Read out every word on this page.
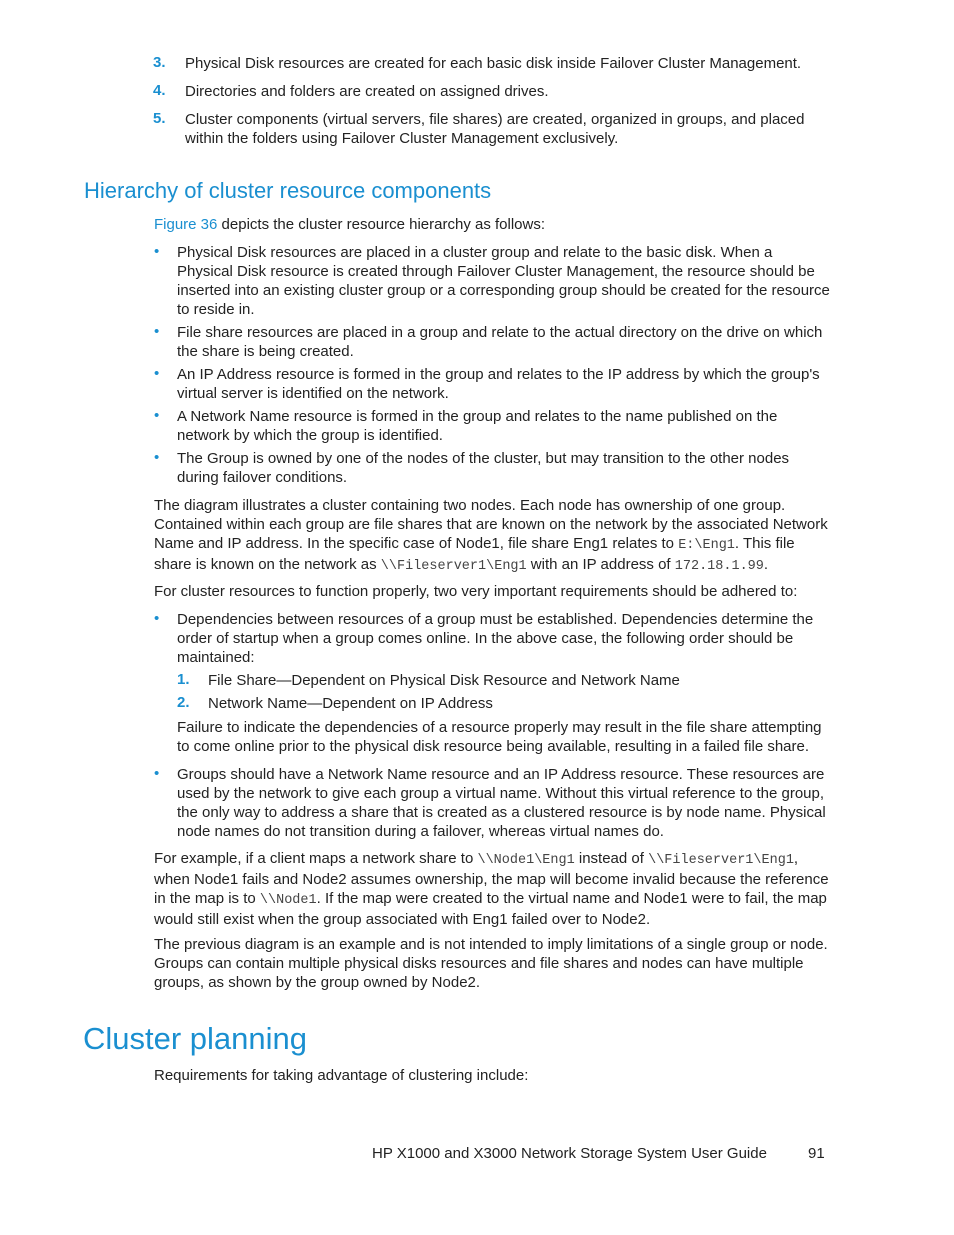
3. Physical Disk resources are created for each basic disk inside Failover Cluster Management.
4. Directories and folders are created on assigned drives.
5. Cluster components (virtual servers, file shares) are created, organized in groups, and placed within the folders using Failover Cluster Management exclusively.
Hierarchy of cluster resource components
Figure 36 depicts the cluster resource hierarchy as follows:
• Physical Disk resources are placed in a cluster group and relate to the basic disk. When a Physical Disk resource is created through Failover Cluster Management, the resource should be inserted into an existing cluster group or a corresponding group should be created for the resource to reside in.
• File share resources are placed in a group and relate to the actual directory on the drive on which the share is being created.
• An IP Address resource is formed in the group and relates to the IP address by which the group's virtual server is identified on the network.
• A Network Name resource is formed in the group and relates to the name published on the network by which the group is identified.
• The Group is owned by one of the nodes of the cluster, but may transition to the other nodes during failover conditions.
The diagram illustrates a cluster containing two nodes. Each node has ownership of one group. Contained within each group are file shares that are known on the network by the associated Network Name and IP address. In the specific case of Node1, file share Eng1 relates to E:\Eng1. This file share is known on the network as \\Fileserver1\Eng1 with an IP address of 172.18.1.99.
For cluster resources to function properly, two very important requirements should be adhered to:
• Dependencies between resources of a group must be established. Dependencies determine the order of startup when a group comes online. In the above case, the following order should be maintained:
1. File Share—Dependent on Physical Disk Resource and Network Name
2. Network Name—Dependent on IP Address
Failure to indicate the dependencies of a resource properly may result in the file share attempting to come online prior to the physical disk resource being available, resulting in a failed file share.
• Groups should have a Network Name resource and an IP Address resource. These resources are used by the network to give each group a virtual name. Without this virtual reference to the group, the only way to address a share that is created as a clustered resource is by node name. Physical node names do not transition during a failover, whereas virtual names do.
For example, if a client maps a network share to \\Node1\Eng1 instead of \\Fileserver1\Eng1, when Node1 fails and Node2 assumes ownership, the map will become invalid because the reference in the map is to \\Node1. If the map were created to the virtual name and Node1 were to fail, the map would still exist when the group associated with Eng1 failed over to Node2.
The previous diagram is an example and is not intended to imply limitations of a single group or node. Groups can contain multiple physical disks resources and file shares and nodes can have multiple groups, as shown by the group owned by Node2.
Cluster planning
Requirements for taking advantage of clustering include:
HP X1000 and X3000 Network Storage System User Guide	91
